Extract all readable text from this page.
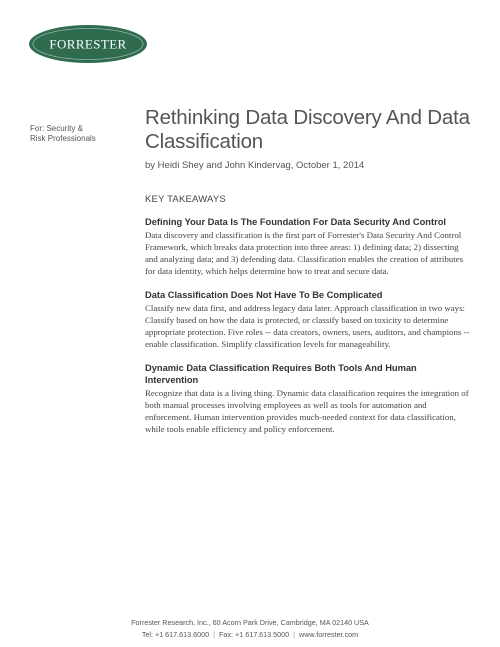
FORRESTER
For: Security &
Risk Professionals
Rethinking Data Discovery And Data Classification

by Heidi Shey and John Kindervag, October 1, 2014

KEY TAKEAWAYS
Defining Your Data Is The Foundation For Data Security And Control

Data discovery and classification is the first part of Forrester's Data Security And Control Framework, which breaks data protection into three areas: 1) defining data; 2) dissecting and analyzing data; and 3) defending data. Classification enables the creation of attributes for data identity, which helps determine how to treat and secure data.

Data Classification Does Not Have To Be Complicated

Classify new data first, and address legacy data later. Approach classification in two ways: Classify based on how the data is protected, or classify based on toxicity to determine appropriate protection. Five roles -- data creators, owners, users, auditors, and champions -- enable classification. Simplify classification levels for manageability.

Dynamic Data Classification Requires Both Tools And Human Intervention

Recognize that data is a living thing. Dynamic data classification requires the integration of both manual processes involving employees as well as tools for automation and enforcement. Human intervention provides much-needed context for data classification, while tools enable efficiency and policy enforcement.

Forrester Research, Inc., 60 Acorn Park Drive, Cambridge, MA 02140 USA
Tel: +1 617.613.6000 | Fax: +1 617.613.5000 | www.forrester.com
